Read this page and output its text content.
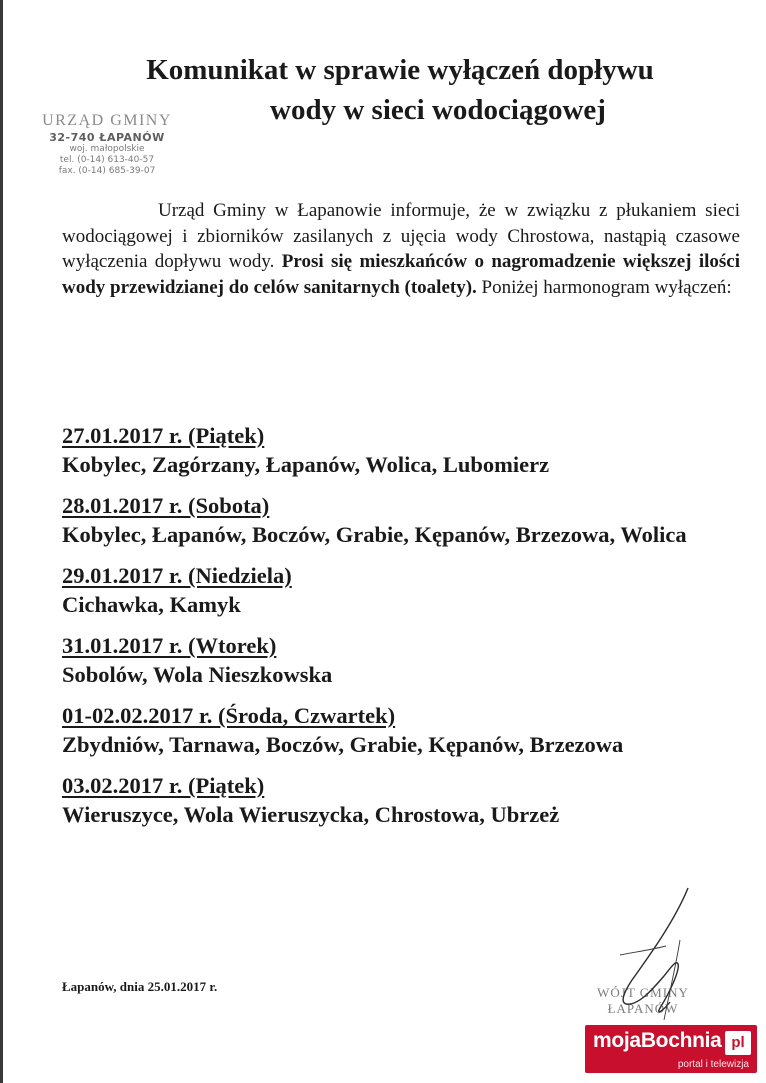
Komunikat w sprawie wyłączeń dopływu
wody w sieci wodociągowej
URZĄD GMINY
32-740 ŁAPANÓW
woj. małopolskie
tel. (0-14) 613-40-57
fax. (0-14) 685-39-07

Urząd Gminy w Łapanowie informuje, że w związku z płukaniem sieci wodociągowej i zbiorników zasilanych z ujęcia wody Chrostowa, nastąpią czasowe wyłączenia dopływu wody. Prosi się mieszkańców o nagromadzenie większej ilości wody przewidzianej do celów sanitarnych (toalety). Poniżej harmonogram wyłączeń:

27.01.2017 r. (Piątek)
Kobylec, Zagórzany, Łapanów, Wolica, Lubomierz
28.01.2017 r. (Sobota)
Kobylec, Łapanów, Boczów, Grabie, Kępanów, Brzezowa, Wolica
29.01.2017 r. (Niedziela)
Cichawka, Kamyk
31.01.2017 r. (Wtorek)
Sobolów, Wola Nieszkowska
01-02.02.2017 r. (Środa, Czwartek)
Zbydniów, Tarnawa, Boczów, Grabie, Kępanów, Brzezowa
03.02.2017 r. (Piątek)
Wieruszyce, Wola Wieruszycka, Chrostowa, Ubrzeż
Łapanów, dnia 25.01.2017 r.	WÓJT GMINY
ŁAPANÓW
mojaBochnia pl
portal i telewizja
